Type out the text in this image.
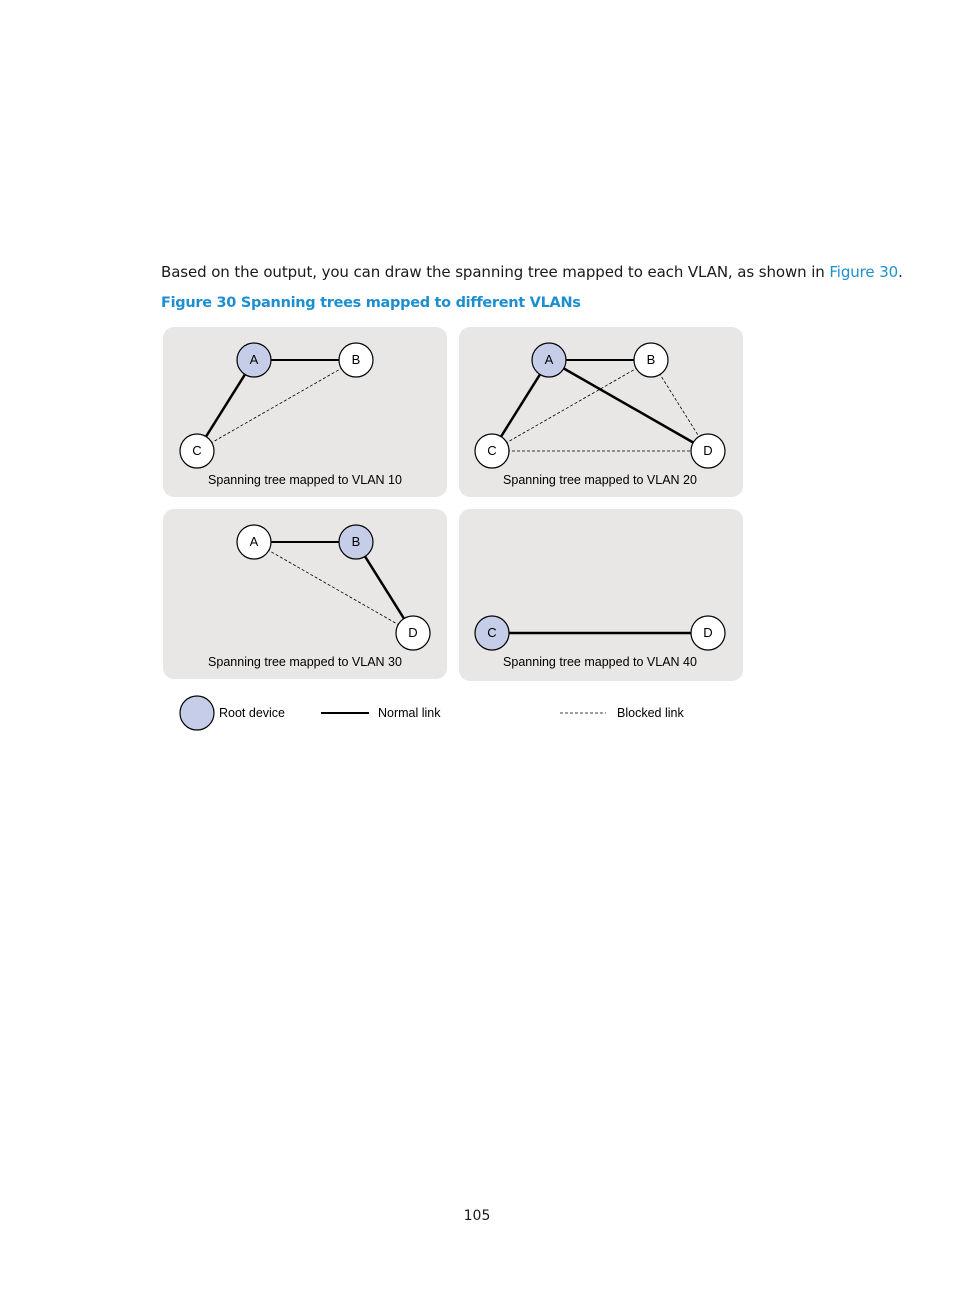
Based on the output, you can draw the spanning tree mapped to each VLAN, as shown in Figure 30.
Figure 30 Spanning trees mapped to different VLANs
A	B
C
Spanning tree mapped to VLAN 10
A	B
C	D
Spanning tree mapped to VLAN 20
A	B
D
Spanning tree mapped to VLAN 30
C	D
Spanning tree mapped to VLAN 40
Root device	Normal link	Blocked link
105
